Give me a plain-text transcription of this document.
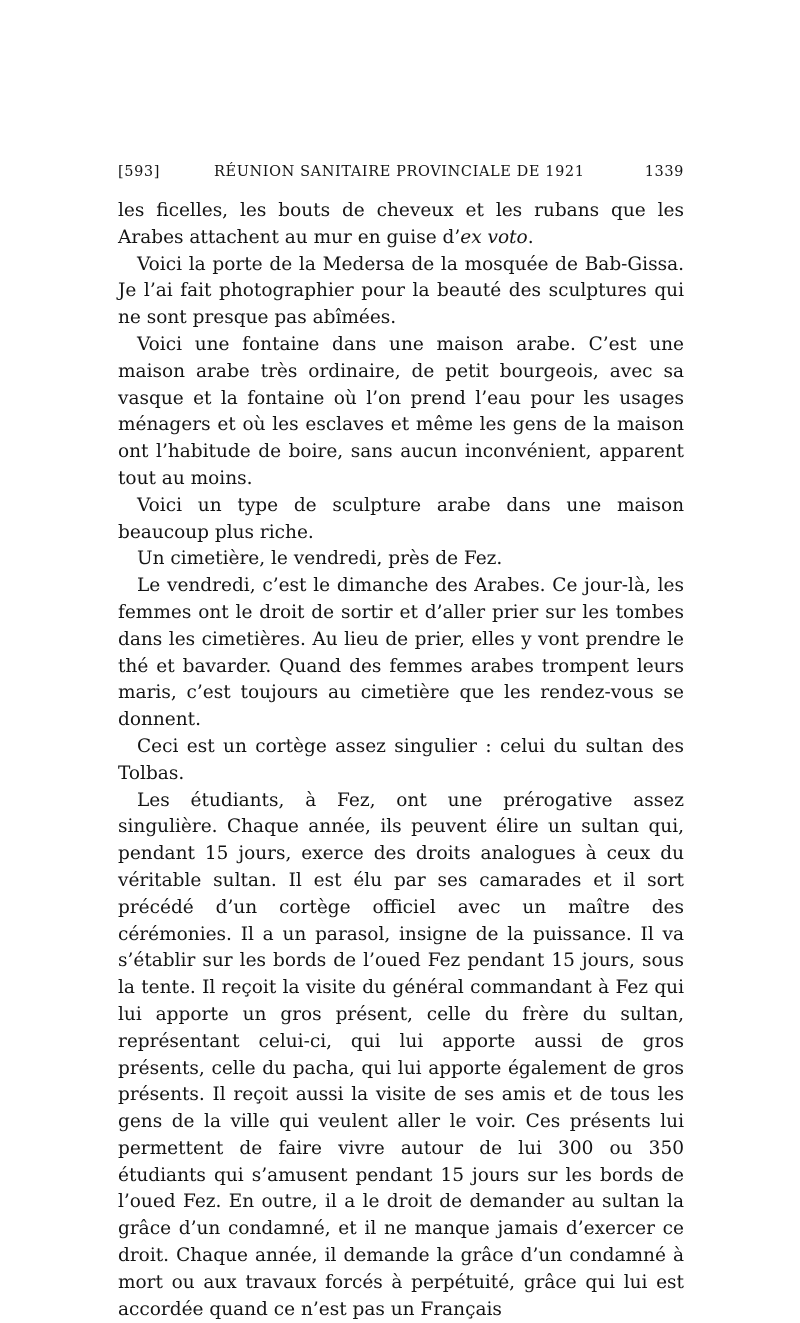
[593]	RÉUNION SANITAIRE PROVINCIALE DE 1921	1339

les ficelles, les bouts de cheveux et les rubans que les Arabes attachent au mur en guise d’ex voto.

Voici la porte de la Medersa de la mosquée de Bab-Gissa. Je l’ai fait photographier pour la beauté des sculptures qui ne sont presque pas abîmées.

Voici une fontaine dans une maison arabe. C’est une maison arabe très ordinaire, de petit bourgeois, avec sa vasque et la fontaine où l’on prend l’eau pour les usages ménagers et où les esclaves et même les gens de la maison ont l’habitude de boire, sans aucun inconvénient, apparent tout au moins.

Voici un type de sculpture arabe dans une maison beaucoup plus riche.

Un cimetière, le vendredi, près de Fez.

Le vendredi, c’est le dimanche des Arabes. Ce jour-là, les femmes ont le droit de sortir et d’aller prier sur les tombes dans les cimetières. Au lieu de prier, elles y vont prendre le thé et bavarder. Quand des femmes arabes trompent leurs maris, c’est toujours au cimetière que les rendez-vous se donnent.

Ceci est un cortège assez singulier : celui du sultan des Tolbas.

Les étudiants, à Fez, ont une prérogative assez singulière. Chaque année, ils peuvent élire un sultan qui, pendant 15 jours, exerce des droits analogues à ceux du véritable sultan. Il est élu par ses camarades et il sort précédé d’un cortège officiel avec un maître des cérémonies. Il a un parasol, insigne de la puissance. Il va s’établir sur les bords de l’oued Fez pendant 15 jours, sous la tente. Il reçoit la visite du général commandant à Fez qui lui apporte un gros présent, celle du frère du sultan, représentant celui-ci, qui lui apporte aussi de gros présents, celle du pacha, qui lui apporte également de gros présents. Il reçoit aussi la visite de ses amis et de tous les gens de la ville qui veulent aller le voir. Ces présents lui permettent de faire vivre autour de lui 300 ou 350 étudiants qui s’amusent pendant 15 jours sur les bords de l’oued Fez. En outre, il a le droit de demander au sultan la grâce d’un condamné, et il ne manque jamais d’exercer ce droit. Chaque année, il demande la grâce d’un condamné à mort ou aux travaux forcés à perpétuité, grâce qui lui est accordée quand ce n’est pas un Français
